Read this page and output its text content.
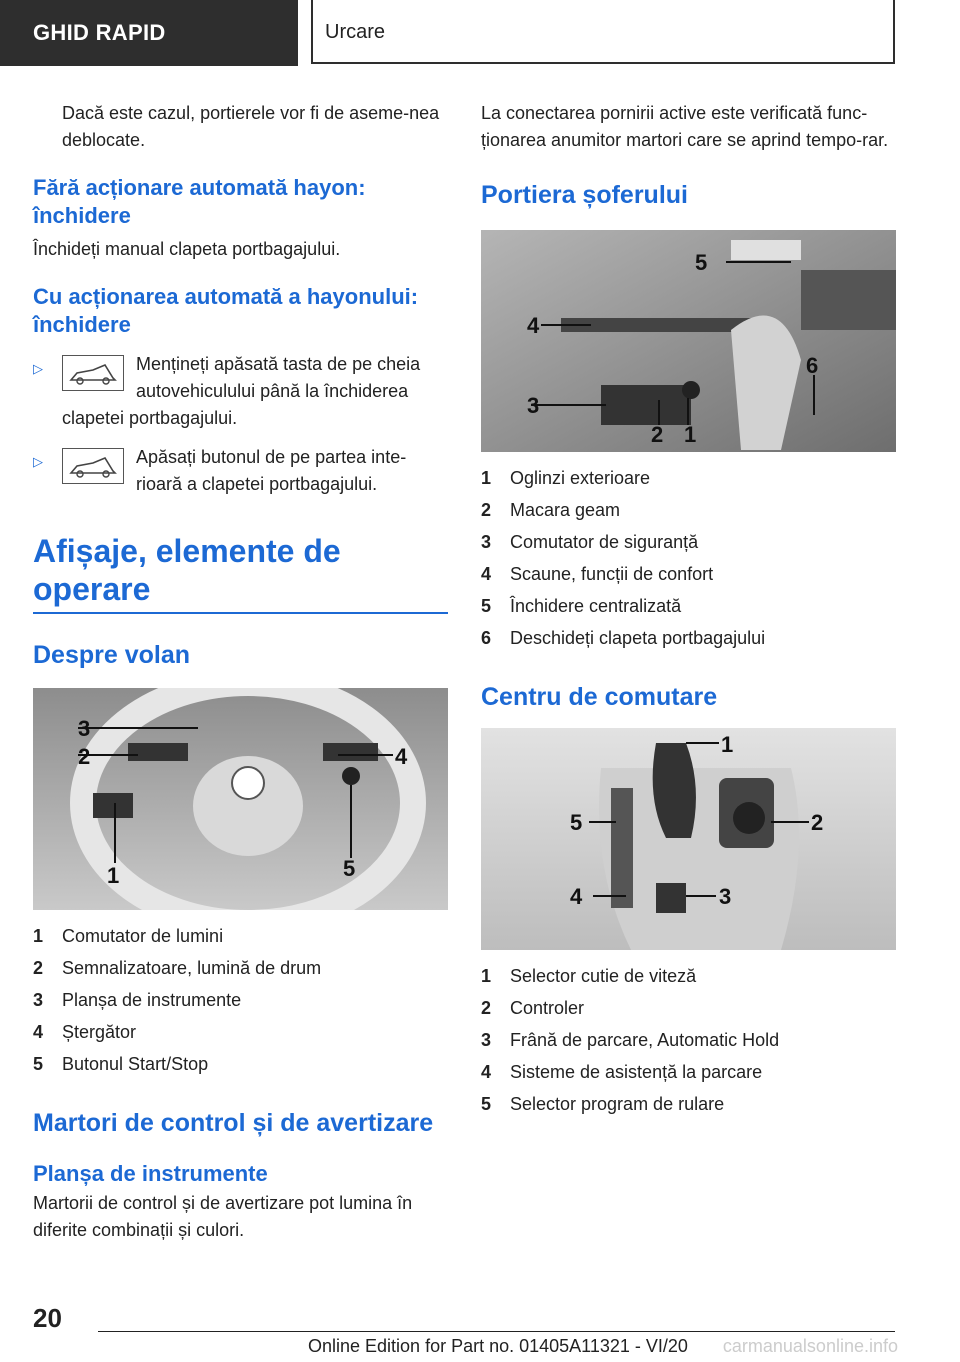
GHID RAPID	Urcare

Dacă este cazul, portierele vor fi de aseme-nea deblocate.

Fără acționare automată hayon: închidere

Închideți manual clapeta portbagajului.

Cu acționarea automată a hayonului: închidere
▷	Mențineți apăsată tasta de pe cheia autovehiculului până la închiderea clapetei portbagajului.
▷	Apăsați butonul de pe partea inte-rioară a clapetei portbagajului.
Afișaje, elemente de operare
Despre volan
3
2	4
1	5
1 Comutator de lumini
2 Semnalizatoare, lumină de drum
3 Planșa de instrumente
4 Ștergător
5 Butonul Start/Stop
Martori de control și de avertizare
Planșa de instrumente

Martorii de control și de avertizare pot lumina în diferite combinații și culori.

La conectarea pornirii active este verificată func-ționarea anumitor martori care se aprind tempo-rar.

Portiera șoferului
5
4
6
3
2 1
1 Oglinzi exterioare
2 Macara geam
3 Comutator de siguranță
4 Scaune, funcții de confort
5 Închidere centralizată
6 Deschideți clapeta portbagajului
Centru de comutare
1
2
5
4	3
1 Selector cutie de viteză
2 Controler
3 Frână de parcare, Automatic Hold
4 Sisteme de asistență la parcare
5 Selector program de rulare
20
Online Edition for Part no. 01405A11321 - VI/20 carmanualsonline.info
